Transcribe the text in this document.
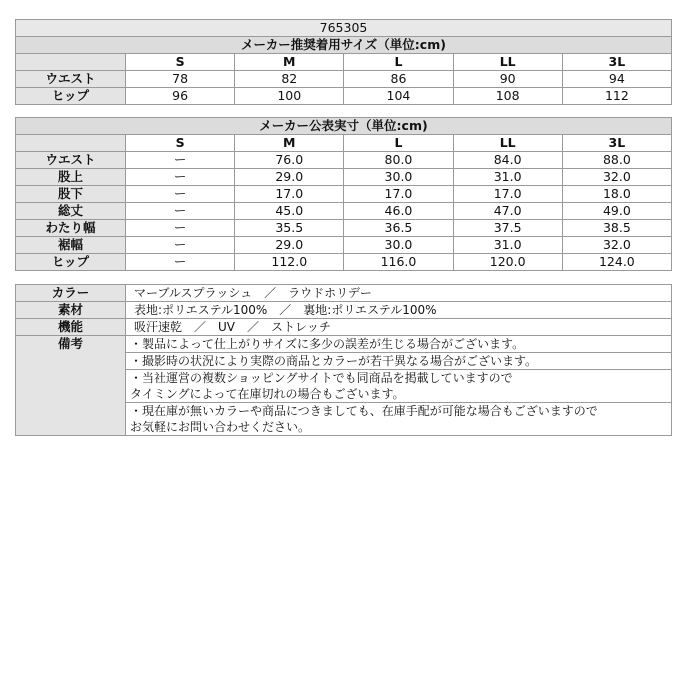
765305					
メーカー推奨着用サイズ（単位:cm)					
	S	M	L	LL	3L
ウエスト	78	82	86	90	94
ヒップ	96	100	104	108	112
メーカー公表実寸（単位:cm)					
	S	M	L	LL	3L
ウエスト	ー	76.0	80.0	84.0	88.0
股上	ー	29.0	30.0	31.0	32.0
股下	ー	17.0	17.0	17.0	18.0
総丈	ー	45.0	46.0	47.0	49.0
わたり幅	ー	35.5	36.5	37.5	38.5
裾幅	ー	29.0	30.0	31.0	32.0
ヒップ	ー	112.0	116.0	120.0	124.0
カラー	マーブルスプラッシュ　／　ラウドホリデー
素材	表地:ポリエステル100%　／　裏地:ポリエステル100%
機能	吸汗速乾　／　UV　／　ストレッチ
備考	・製品によって仕上がりサイズに多少の誤差が生じる場合がございます。
	・撮影時の状況により実際の商品とカラーが若干異なる場合がございます。
	・当社運営の複数ショッピングサイトでも同商品を掲載していますので
タイミングによって在庫切れの場合もございます。
	・現在庫が無いカラーや商品につきましても、在庫手配が可能な場合もございますので
お気軽にお問い合わせください。
